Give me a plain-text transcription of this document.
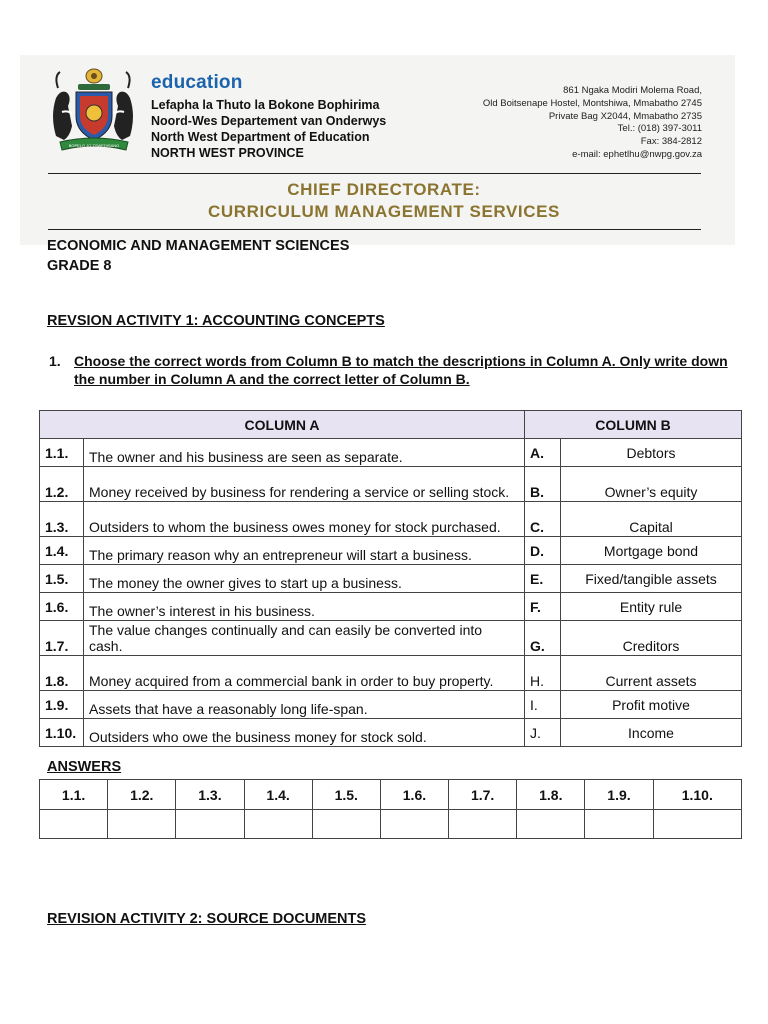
BOPELO JO TSWEDISANO
education
Lefapha la Thuto la Bokone Bophirima
Noord-Wes Departement van Onderwys
North West Department of Education
NORTH WEST PROVINCE
861 Ngaka Modiri Molema Road,
Old Boitsenape Hostel, Montshiwa, Mmabatho 2745
Private Bag X2044, Mmabatho 2735
Tel.: (018) 397-3011
Fax: 384-2812
e-mail: ephetlhu@nwpg.gov.za
CHIEF DIRECTORATE:
CURRICULUM MANAGEMENT SERVICES
ECONOMIC AND MANAGEMENT SCIENCES
GRADE 8
REVSION ACTIVITY 1: ACCOUNTING CONCEPTS
1. Choose the correct words from Column B to match the descriptions in Column A. Only write down the number in Column A and the correct letter of Column B.
COLUMN A		COLUMN B	
1.1.	The owner and his business are seen as separate.	A.	Debtors
1.2.	Money received by business for rendering a service or selling stock.	B.	Owner’s equity
1.3.	Outsiders to whom the business owes money for stock purchased.	C.	Capital
1.4.	The primary reason why an entrepreneur will start a business.	D.	Mortgage bond
1.5.	The money the owner gives to start up a business.	E.	Fixed/tangible assets
1.6.	The owner’s interest in his business.	F.	Entity rule
1.7.	The value changes continually and can easily be converted into cash.	G.	Creditors
1.8.	Money acquired from a commercial bank in order to buy property.	H.	Current assets
1.9.	Assets that have a reasonably long life-span.	I.	Profit motive
1.10.	Outsiders who owe the business money for stock sold.	J.	Income
ANSWERS
1.1.	1.2.	1.3.	1.4.	1.5.	1.6.	1.7.	1.8.	1.9.	1.10.

REVISION ACTIVITY 2: SOURCE DOCUMENTS
